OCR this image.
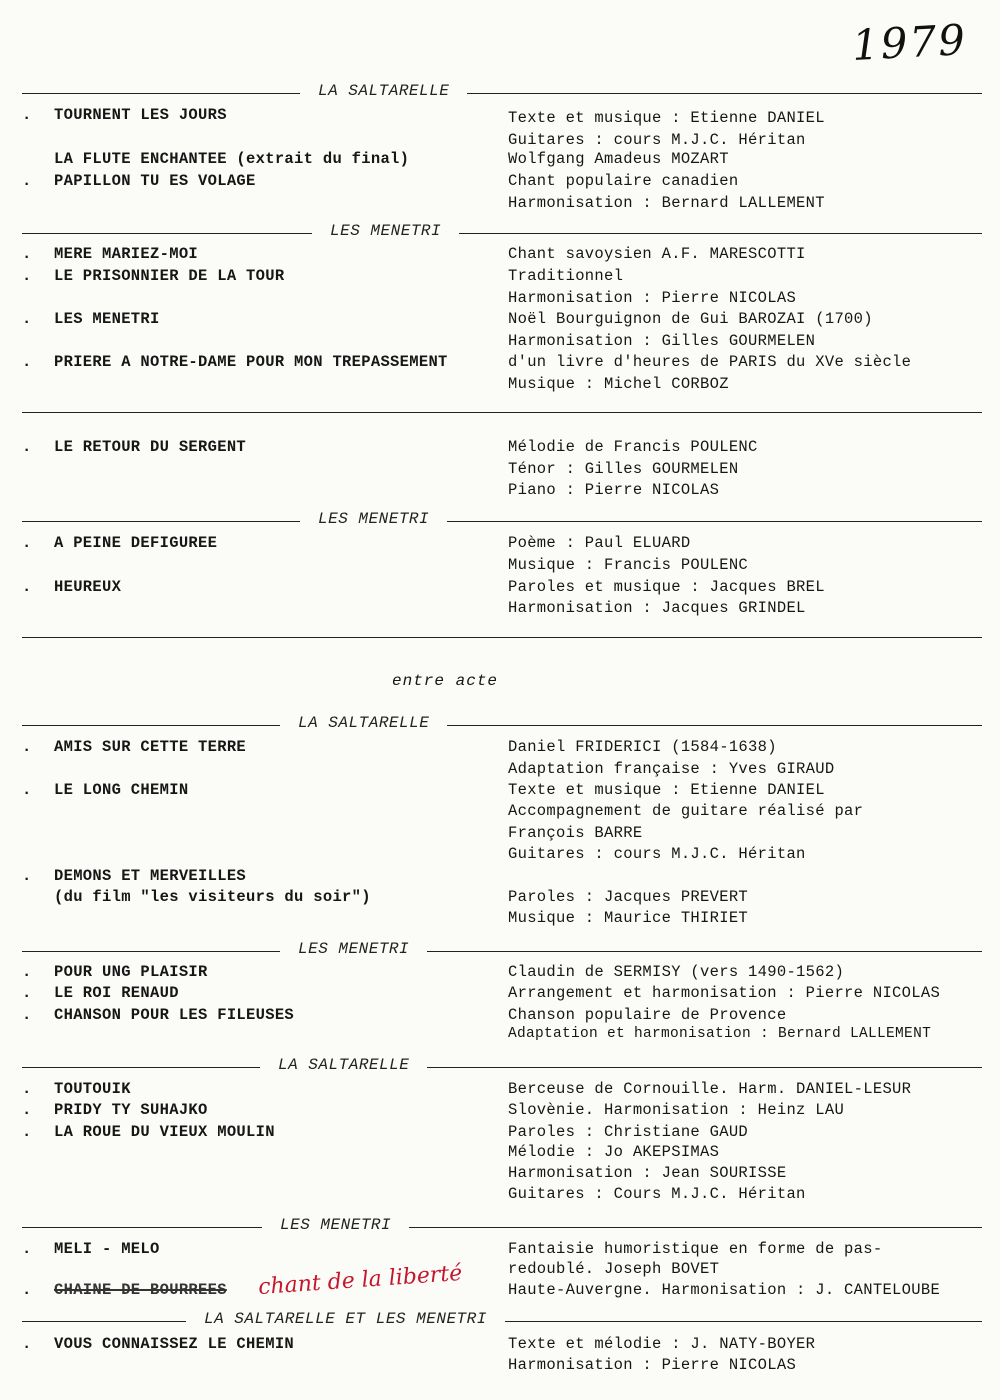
1979
LA SALTARELLE
. TOURNENT LES JOURS	Texte et musique : Etienne DANIEL
Guitares : cours M.J.C. Héritan
LA FLUTE ENCHANTEE (extrait du final)	Wolfgang Amadeus MOZART
. PAPILLON TU ES VOLAGE	Chant populaire canadien
Harmonisation : Bernard LALLEMENT
LES MENETRI
. MERE MARIEZ-MOI	Chant savoysien A.F. MARESCOTTI
. LE PRISONNIER DE LA TOUR	Traditionnel
Harmonisation : Pierre NICOLAS
. LES MENETRI	Noël Bourguignon de Gui BAROZAI (1700)
Harmonisation : Gilles GOURMELEN
. PRIERE A NOTRE-DAME POUR MON TREPASSEMENT	d'un livre d'heures de PARIS du XVe siècle
Musique : Michel CORBOZ
. LE RETOUR DU SERGENT	Mélodie de Francis POULENC
Ténor : Gilles GOURMELEN
Piano : Pierre NICOLAS
LES MENETRI
. A PEINE DEFIGUREE	Poème : Paul ELUARD
Musique : Francis POULENC
. HEUREUX	Paroles et musique : Jacques BREL
Harmonisation : Jacques GRINDEL
entre acte
LA SALTARELLE
. AMIS SUR CETTE TERRE	Daniel FRIDERICI (1584-1638)
Adaptation française : Yves GIRAUD
. LE LONG CHEMIN	Texte et musique : Etienne DANIEL
Accompagnement de guitare réalisé par
François BARRE
Guitares : cours M.J.C. Héritan
. DEMONS ET MERVEILLES
(du film "les visiteurs du soir")	Paroles : Jacques PREVERT
Musique : Maurice THIRIET
LES MENETRI
. POUR UNG PLAISIR	Claudin de SERMISY (vers 1490-1562)
. LE ROI RENAUD	Arrangement et harmonisation : Pierre NICOLAS
. CHANSON POUR LES FILEUSES	Chanson populaire de Provence
Adaptation et harmonisation : Bernard LALLEMENT
LA SALTARELLE
. TOUTOUIK	Berceuse de Cornouille. Harm. DANIEL-LESUR
. PRIDY TY SUHAJKO	Slovènie. Harmonisation : Heinz LAU
. LA ROUE DU VIEUX MOULIN	Paroles : Christiane GAUD
Mélodie : Jo AKEPSIMAS
Harmonisation : Jean SOURISSE
Guitares : Cours M.J.C. Héritan
LES MENETRI
. MELI - MELO	Fantaisie humoristique en forme de pas-
redoublé. Joseph BOVET
. CHAINE DE BOURREES	Haute-Auvergne. Harmonisation : J. CANTELOUBE
chant de la liberté
LA SALTARELLE ET LES MENETRI
. VOUS CONNAISSEZ LE CHEMIN	Texte et mélodie : J. NATY-BOYER
Harmonisation : Pierre NICOLAS
